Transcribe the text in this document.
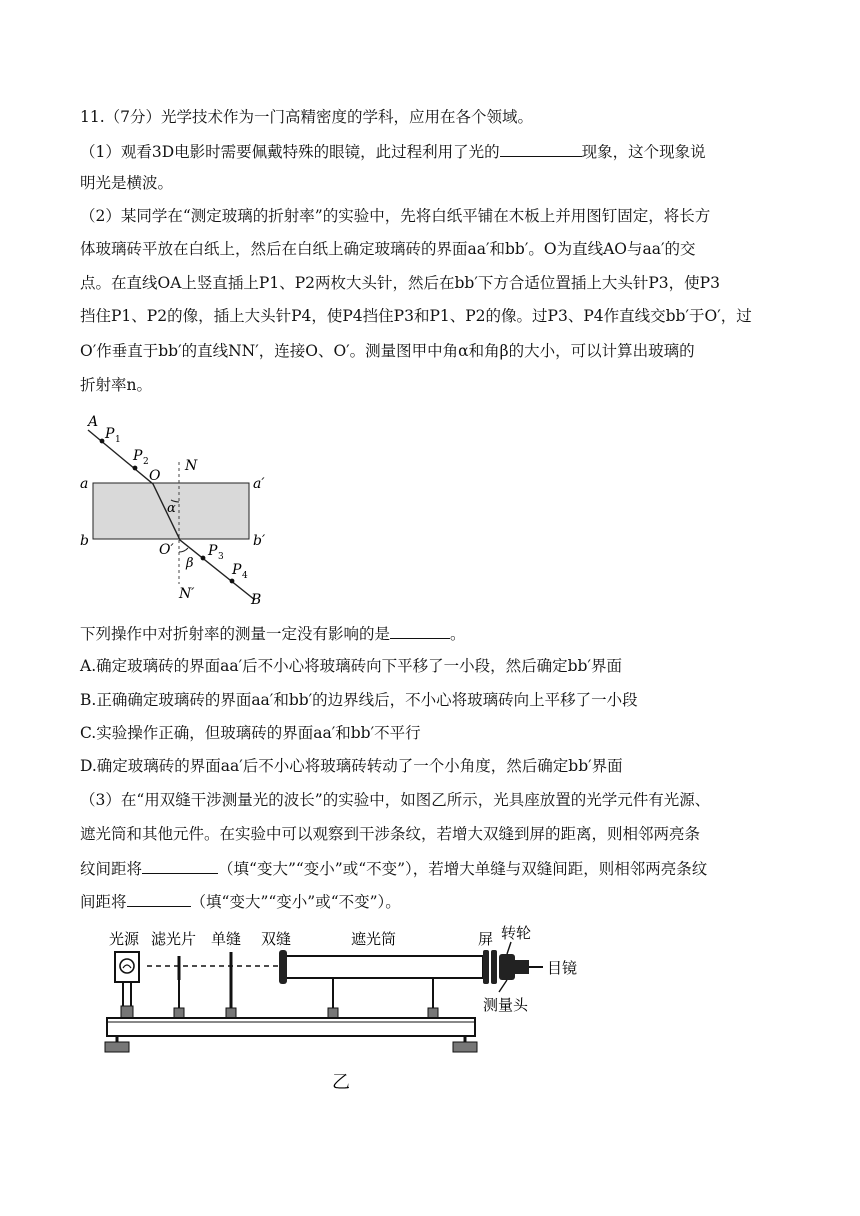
11.（7分）光学技术作为一门高精密度的学科，应用在各个领域。
（1）观看3D电影时需要佩戴特殊的眼镜，此过程利用了光的	现象，这个现象说
明光是横波。
（2）某同学在“测定玻璃的折射率”的实验中，先将白纸平铺在木板上并用图钉固定，将长方
体玻璃砖平放在白纸上，然后在白纸上确定玻璃砖的界面aa′和bb′。O为直线AO与aa′的交
点。在直线OA上竖直插上P1、P2两枚大头针，然后在bb′下方合适位置插上大头针P3，使P3
挡住P1、P2的像，插上大头针P4，使P4挡住P3和P1、P2的像。过P3、P4作直线交bb′于O′，过
O′作垂直于bb′的直线NN′，连接O、O′。测量图甲中角α和角β的大小，可以计算出玻璃的
折射率n。
A
P 1
P 2
O
N
a	a′
α
b	b′
O′ P 3
β	P 4
N′	B
下列操作中对折射率的测量一定没有影响的是	。
A.确定玻璃砖的界面aa′后不小心将玻璃砖向下平移了一小段，然后确定bb′界面
B.正确确定玻璃砖的界面aa′和bb′的边界线后，不小心将玻璃砖向上平移了一小段
C.实验操作正确，但玻璃砖的界面aa′和bb′不平行
D.确定玻璃砖的界面aa′后不小心将玻璃砖转动了一个小角度，然后确定bb′界面
（3）在“用双缝干涉测量光的波长”的实验中，如图乙所示，光具座放置的光学元件有光源、
遮光筒和其他元件。在实验中可以观察到干涉条纹，若增大双缝到屏的距离，则相邻两亮条
纹间距将	（填“变大”“变小”或“不变”），若增大单缝与双缝间距，则相邻两亮条纹
间距将	（填“变大”“变小”或“不变”）。
光源 滤光片 单缝 双缝	遮光筒	屏 转轮
目镜
测量头
乙
